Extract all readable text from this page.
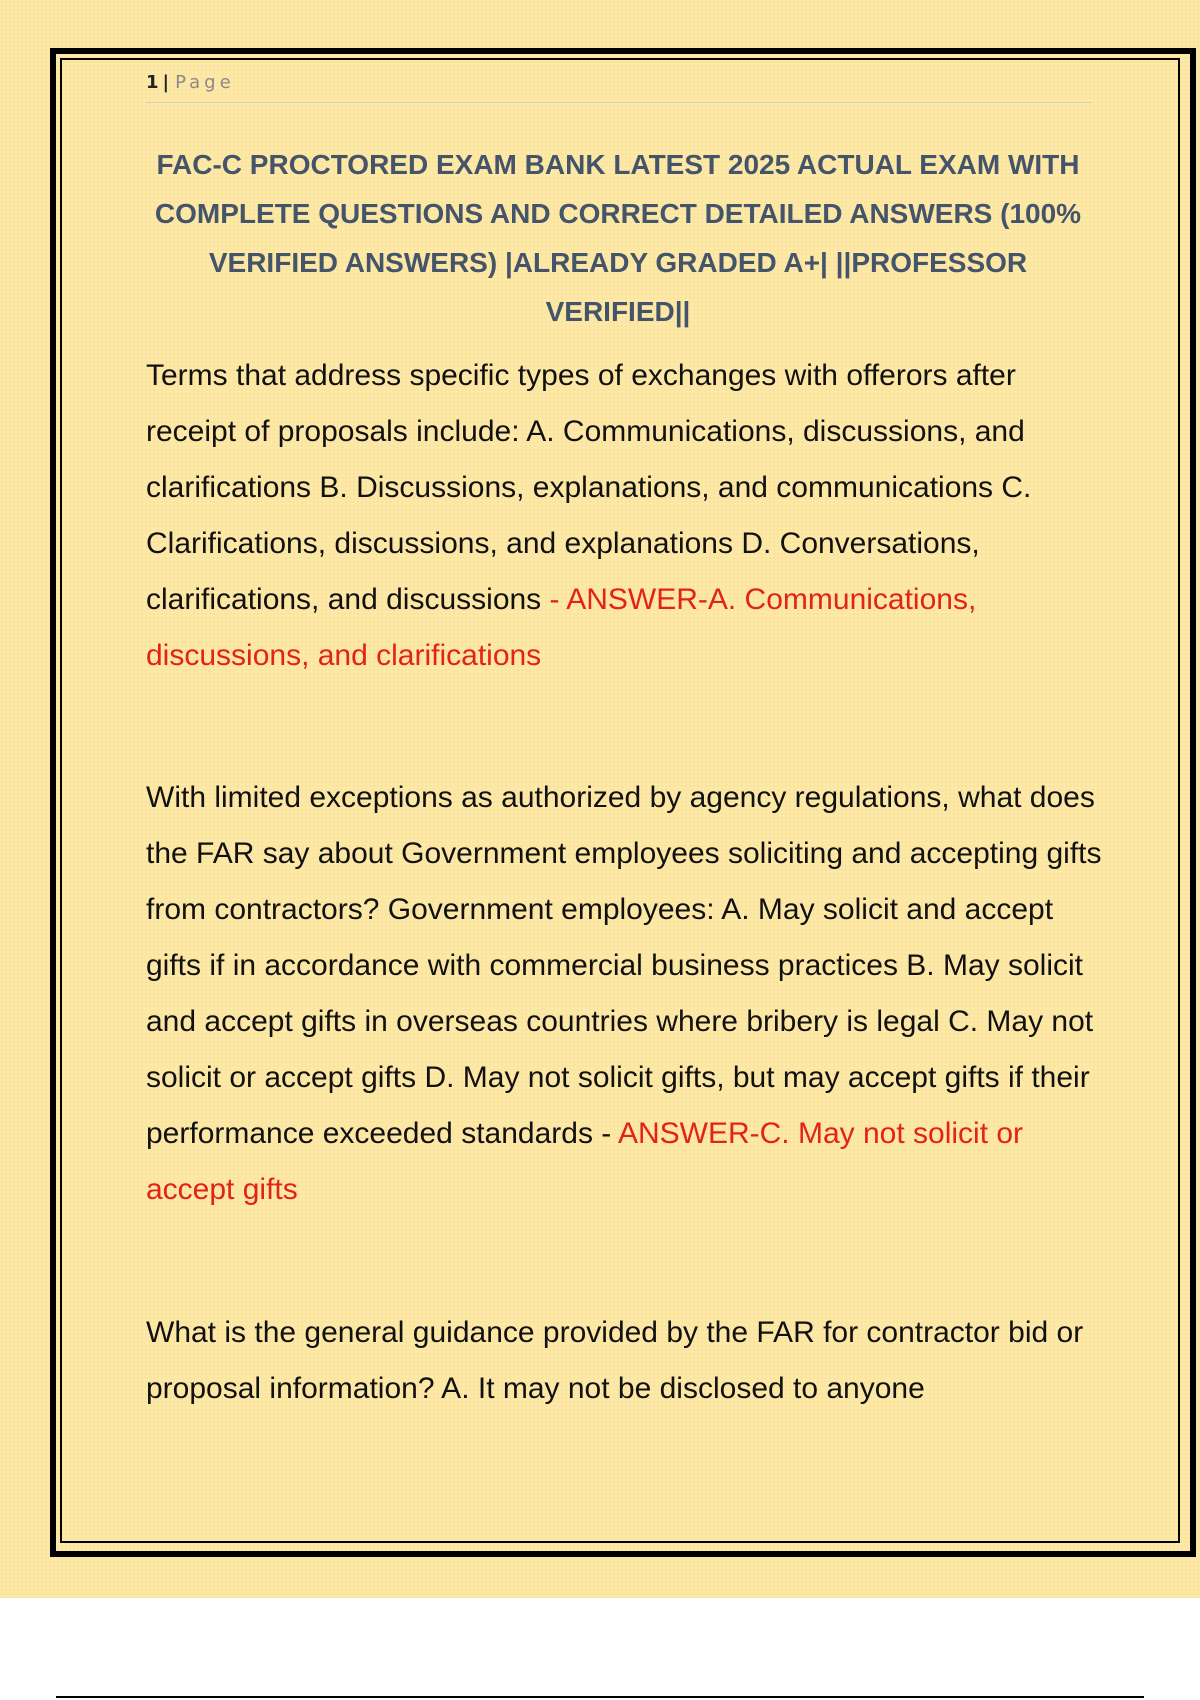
1 | Page

FAC-C PROCTORED EXAM BANK LATEST 2025 ACTUAL EXAM WITH COMPLETE QUESTIONS AND CORRECT DETAILED ANSWERS (100% VERIFIED ANSWERS) |ALREADY GRADED A+| ||PROFESSOR VERIFIED||

Terms that address specific types of exchanges with offerors after receipt of proposals include: A. Communications, discussions, and clarifications B. Discussions, explanations, and communications C. Clarifications, discussions, and explanations D. Conversations, clarifications, and discussions - ANSWER-A. Communications, discussions, and clarifications

With limited exceptions as authorized by agency regulations, what does the FAR say about Government employees soliciting and accepting gifts from contractors? Government employees: A. May solicit and accept gifts if in accordance with commercial business practices B. May solicit and accept gifts in overseas countries where bribery is legal C. May not solicit or accept gifts D. May not solicit gifts, but may accept gifts if their performance exceeded standards - ANSWER-C. May not solicit or accept gifts

What is the general guidance provided by the FAR for contractor bid or proposal information? A. It may not be disclosed to anyone
